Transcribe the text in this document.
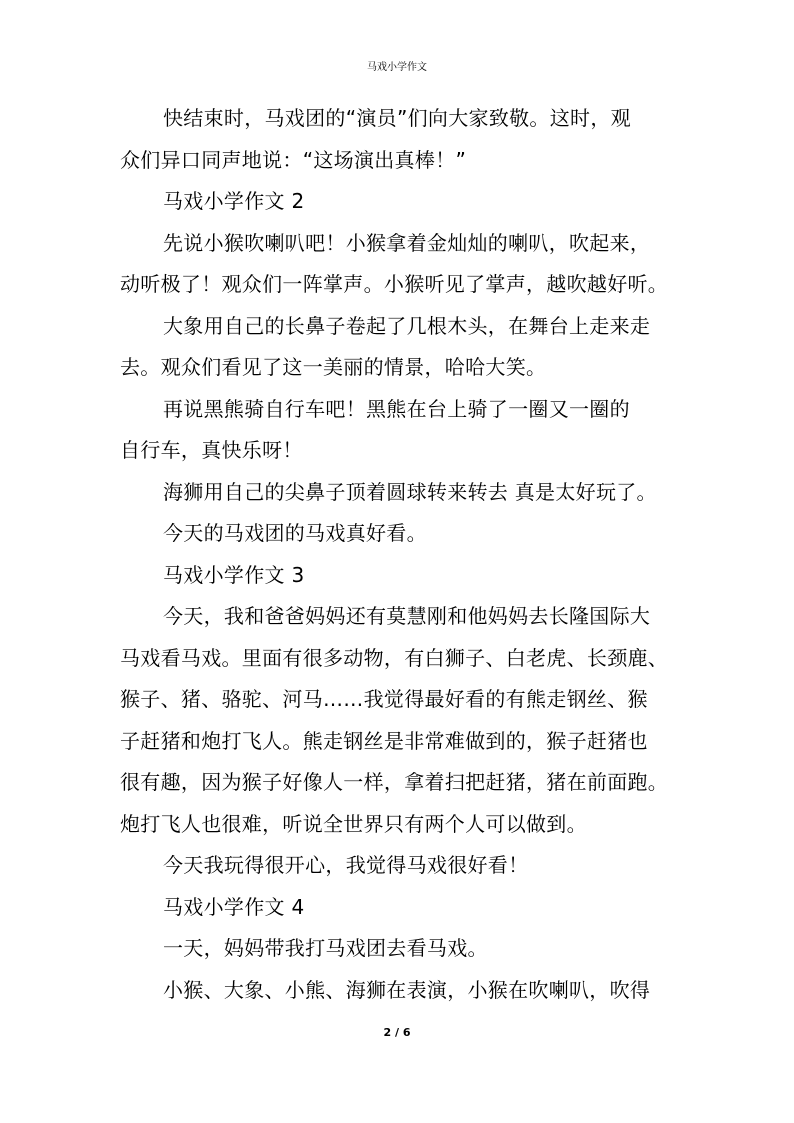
马戏小学作文

快结束时，马戏团的“演员”们向大家致敬。这时，观

众们异口同声地说：“这场演出真棒！”

马戏小学作文 2

先说小猴吹喇叭吧！小猴拿着金灿灿的喇叭，吹起来，

动听极了！观众们一阵掌声。小猴听见了掌声，越吹越好听。

大象用自己的长鼻子卷起了几根木头，在舞台上走来走

去。观众们看见了这一美丽的情景，哈哈大笑。

再说黑熊骑自行车吧！黑熊在台上骑了一圈又一圈的

自行车，真快乐呀！

海狮用自己的尖鼻子顶着圆球转来转去 真是太好玩了。

今天的马戏团的马戏真好看。

马戏小学作文 3

今天，我和爸爸妈妈还有莫慧刚和他妈妈去长隆国际大

马戏看马戏。里面有很多动物，有白狮子、白老虎、长颈鹿、

猴子、猪、骆驼、河马……我觉得最好看的有熊走钢丝、猴

子赶猪和炮打飞人。熊走钢丝是非常难做到的，猴子赶猪也

很有趣，因为猴子好像人一样，拿着扫把赶猪，猪在前面跑。

炮打飞人也很难，听说全世界只有两个人可以做到。

今天我玩得很开心，我觉得马戏很好看！

马戏小学作文 4

一天，妈妈带我打马戏团去看马戏。

小猴、大象、小熊、海狮在表演，小猴在吹喇叭，吹得

2 / 6
